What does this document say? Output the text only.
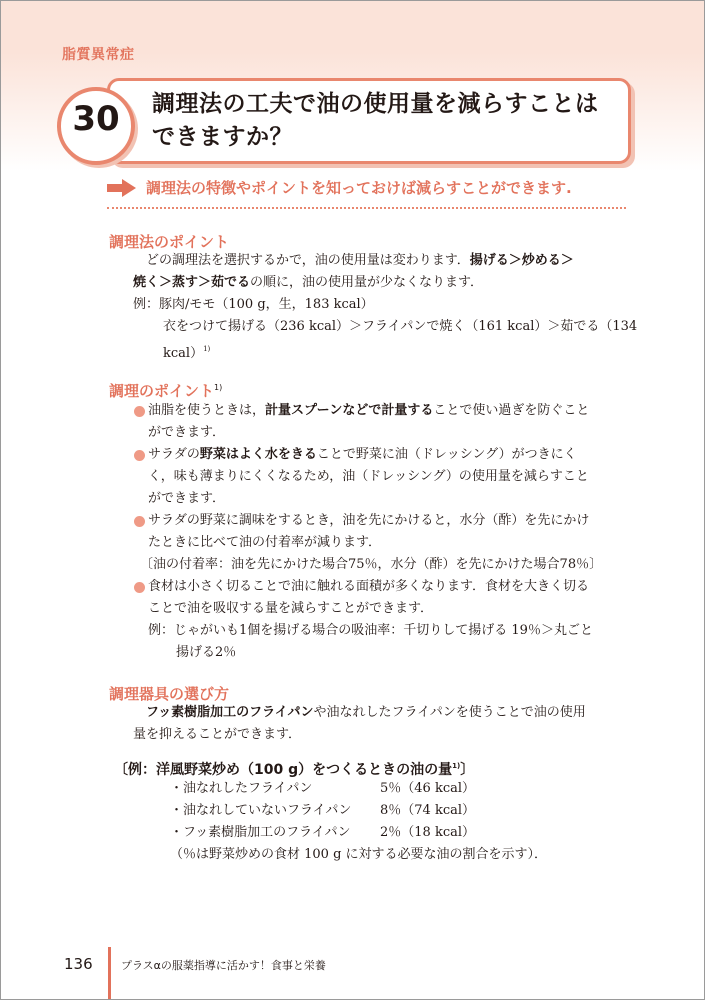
脂質異常症
調理法の工夫で油の使用量を減らすことは
できますか？
30
調理法の特徴やポイントを知っておけば減らすことができます.
調理法のポイント
どの調理法を選択するかで，油の使用量は変わります．揚げる＞炒める＞
焼く＞蒸す＞茹でるの順に，油の使用量が少なくなります．
例：豚肉/モモ（100 g，生，183 kcal）
衣をつけて揚げる（236 kcal）＞フライパンで焼く（161 kcal）＞茹でる（134
kcal）$^{1)}$
調理のポイント$^{1)}$
油脂を使うときは，計量スプーンなどで計量することで使い過ぎを防ぐこと
ができます．
サラダの野菜はよく水をきることで野菜に油（ドレッシング）がつきにく
く，味も薄まりにくくなるため，油（ドレッシング）の使用量を減らすこと
ができます．
サラダの野菜に調味をするとき，油を先にかけると，水分（酢）を先にかけ
たときに比べて油の付着率が減ります．
〔油の付着率：油を先にかけた場合75％，水分（酢）を先にかけた場合78％〕
食材は小さく切ることで油に触れる面積が多くなります．食材を大きく切る
ことで油を吸収する量を減らすことができます．
例：じゃがいも1個を揚げる場合の吸油率：千切りして揚げる 19％＞丸ごと
揚げる2％
調理器具の選び方
フッ素樹脂加工のフライパンや油なれしたフライパンを使うことで油の使用
量を抑えることができます．
〔例：洋風野菜炒め（100 g）をつくるときの油の量$^{1)}$〕
・油なれしたフライパン	5％（46 kcal）
・油なれしていないフライパン 8％（74 kcal）
・フッ素樹脂加工のフライパン 2％（18 kcal）
（％は野菜炒めの食材 100 g に対する必要な油の割合を示す）．
136	プラスαの服薬指導に活かす！食事と栄養
